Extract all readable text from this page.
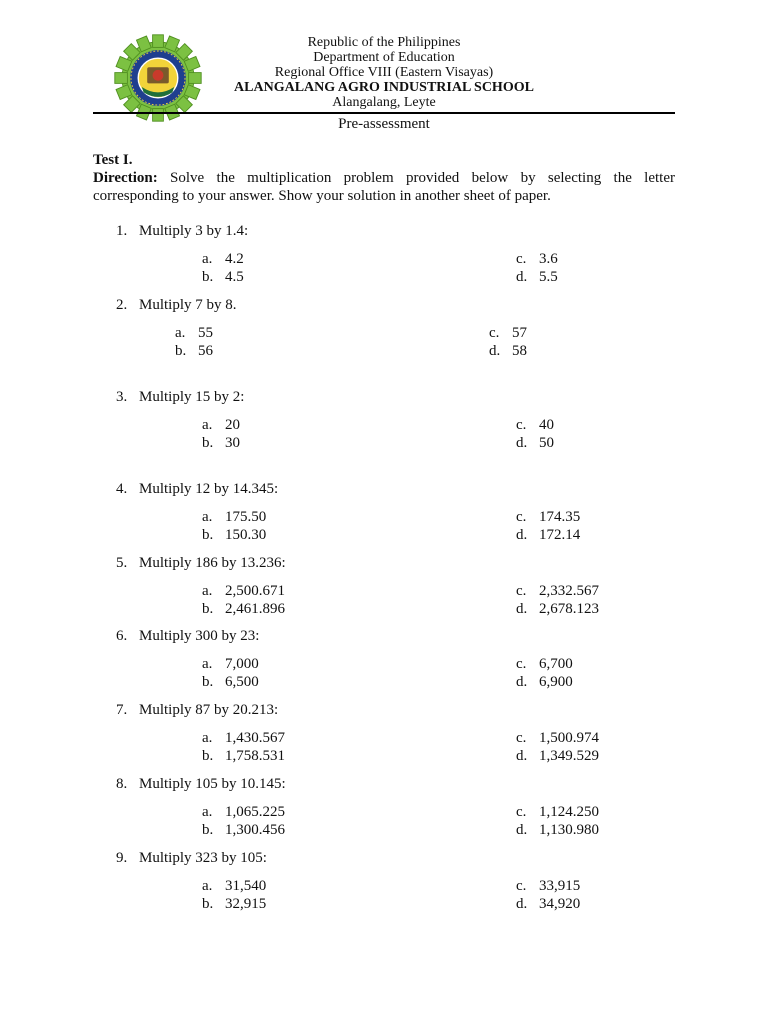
Republic of the Philippines
Department of Education
Regional Office VIII (Eastern Visayas)
ALANGALANG AGRO INDUSTRIAL SCHOOL
Alangalang, Leyte
Pre-assessment
Test I.

Direction: Solve the multiplication problem provided below by selecting the letter corresponding to your answer. Show your solution in another sheet of paper.

1. Multiply 3 by 1.4:
a. 4.2
b. 4.5
c. 3.6
d. 5.5
2. Multiply 7 by 8.
a. 55
b. 56
c. 57
d. 58
3. Multiply 15 by 2:
a. 20
b. 30
c. 40
d. 50
4. Multiply 12 by 14.345:
a. 175.50
b. 150.30
c. 174.35
d. 172.14
5. Multiply 186 by 13.236:
a. 2,500.671
b. 2,461.896
c. 2,332.567
d. 2,678.123
6. Multiply 300 by 23:
a. 7,000
b. 6,500
c. 6,700
d. 6,900
7. Multiply 87 by 20.213:
a. 1,430.567
b. 1,758.531
c. 1,500.974
d. 1,349.529
8. Multiply 105 by 10.145:
a. 1,065.225
b. 1,300.456
c. 1,124.250
d. 1,130.980
9. Multiply 323 by 105:
a. 31,540
b. 32,915
c. 33,915
d. 34,920
